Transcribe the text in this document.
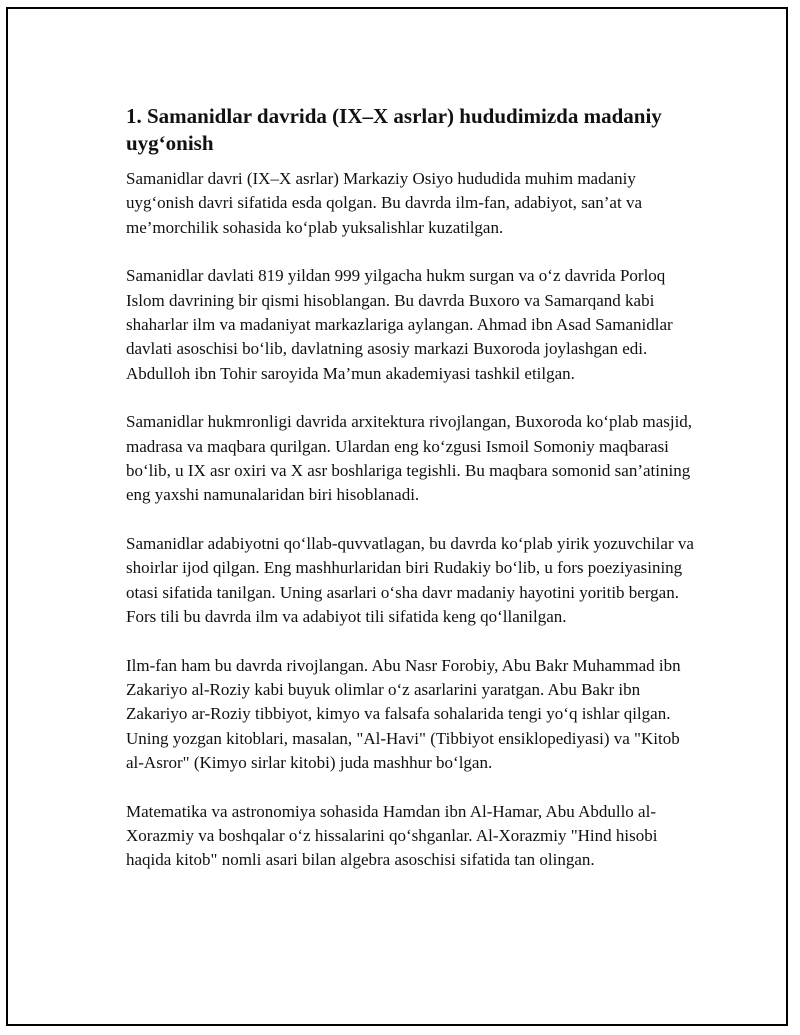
1. Samanidlar davrida (IX–X asrlar) hududimizda madaniy uyg‘onish

Samanidlar davri (IX–X asrlar) Markaziy Osiyo hududida muhim madaniy uyg‘onish davri sifatida esda qolgan. Bu davrda ilm-fan, adabiyot, san’at va me’morchilik sohasida ko‘plab yuksalishlar kuzatilgan.

Samanidlar davlati 819 yildan 999 yilgacha hukm surgan va o‘z davrida Porloq Islom davrining bir qismi hisoblangan. Bu davrda Buxoro va Samarqand kabi shaharlar ilm va madaniyat markazlariga aylangan. Ahmad ibn Asad Samanidlar davlati asoschisi bo‘lib, davlatning asosiy markazi Buxoroda joylashgan edi. Abdulloh ibn Tohir saroyida Ma’mun akademiyasi tashkil etilgan.

Samanidlar hukmronligi davrida arxitektura rivojlangan, Buxoroda ko‘plab masjid, madrasa va maqbara qurilgan. Ulardan eng ko‘zgusi Ismoil Somoniy maqbarasi bo‘lib, u IX asr oxiri va X asr boshlariga tegishli. Bu maqbara somonid san’atining eng yaxshi namunalaridan biri hisoblanadi.

Samanidlar adabiyotni qo‘llab-quvvatlagan, bu davrda ko‘plab yirik yozuvchilar va shoirlar ijod qilgan. Eng mashhurlaridan biri Rudakiy bo‘lib, u fors poeziyasining otasi sifatida tanilgan. Uning asarlari o‘sha davr madaniy hayotini yoritib bergan. Fors tili bu davrda ilm va adabiyot tili sifatida keng qo‘llanilgan.

Ilm-fan ham bu davrda rivojlangan. Abu Nasr Forobiy, Abu Bakr Muhammad ibn Zakariyo al-Roziy kabi buyuk olimlar o‘z asarlarini yaratgan. Abu Bakr ibn Zakariyo ar-Roziy tibbiyot, kimyo va falsafa sohalarida tengi yo‘q ishlar qilgan. Uning yozgan kitoblari, masalan, "Al-Havi" (Tibbiyot ensiklopediyasi) va "Kitob al-Asror" (Kimyo sirlar kitobi) juda mashhur bo‘lgan.

Matematika va astronomiya sohasida Hamdan ibn Al-Hamar, Abu Abdullo al-Xorazmiy va boshqalar o‘z hissalarini qo‘shganlar. Al-Xorazmiy "Hind hisobi haqida kitob" nomli asari bilan algebra asoschisi sifatida tan olingan.
